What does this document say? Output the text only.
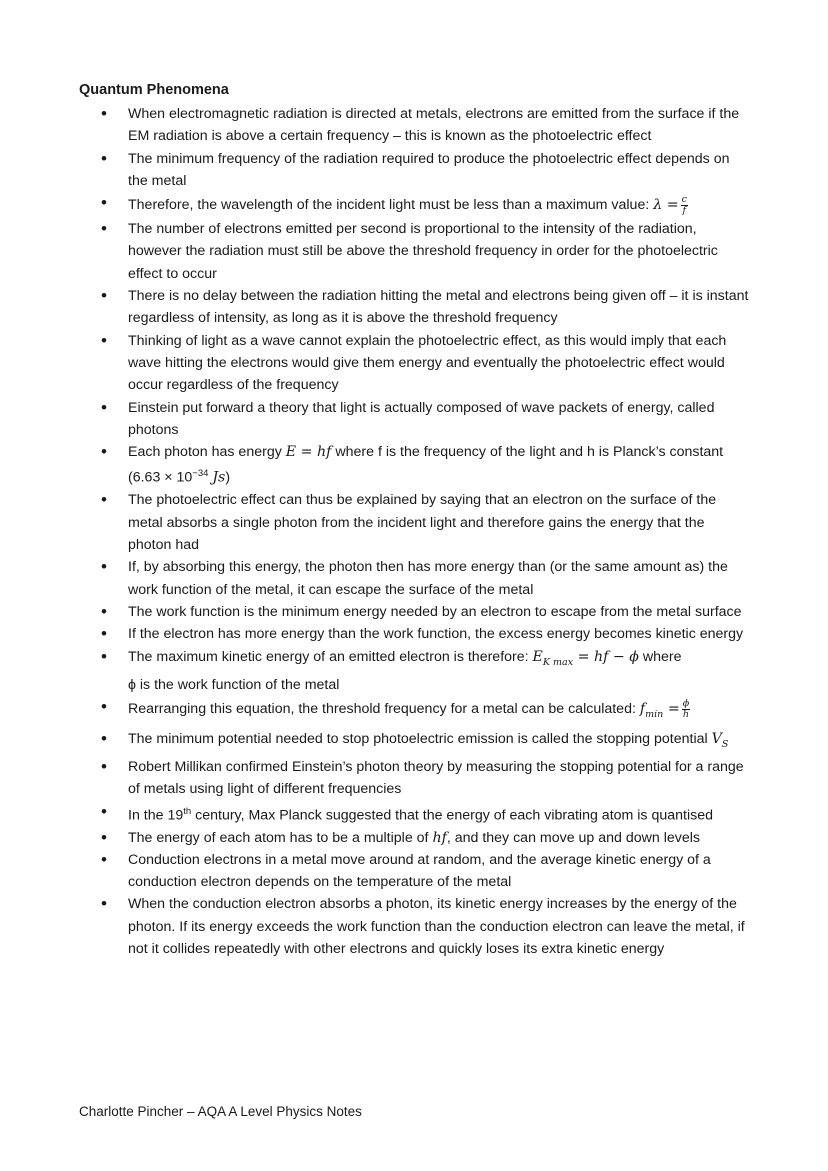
Quantum Phenomena
• When electromagnetic radiation is directed at metals, electrons are emitted from the surface if the EM radiation is above a certain frequency – this is known as the photoelectric effect
• The minimum frequency of the radiation required to produce the photoelectric effect depends on the metal
• Therefore, the wavelength of the incident light must be less than a maximum value: $\lambda = \frac{c}{f}$
• The number of electrons emitted per second is proportional to the intensity of the radiation, however the radiation must still be above the threshold frequency in order for the photoelectric effect to occur
• There is no delay between the radiation hitting the metal and electrons being given off – it is instant regardless of intensity, as long as it is above the threshold frequency
• Thinking of light as a wave cannot explain the photoelectric effect, as this would imply that each wave hitting the electrons would give them energy and eventually the photoelectric effect would occur regardless of the frequency
• Einstein put forward a theory that light is actually composed of wave packets of energy, called photons
• Each photon has energy E = hf where f is the frequency of the light and h is Planck’s constant ($6.63 \times 10^{-34}$ Js)
• The photoelectric effect can thus be explained by saying that an electron on the surface of the metal absorbs a single photon from the incident light and therefore gains the energy that the photon had
• If, by absorbing this energy, the photon then has more energy than (or the same amount as) the work function of the metal, it can escape the surface of the metal
• The work function is the minimum energy needed by an electron to escape from the metal surface
• If the electron has more energy than the work function, the excess energy becomes kinetic energy
• The maximum kinetic energy of an emitted electron is therefore: $E_{K max}$ = hf − ϕ where
ϕ is the work function of the metal
• Rearranging this equation, the threshold frequency for a metal can be calculated: $f_{min} = \frac{\phi}{h}$
• The minimum potential needed to stop photoelectric emission is called the stopping potential $V_S$
• Robert Millikan confirmed Einstein’s photon theory by measuring the stopping potential for a range of metals using light of different frequencies
• In the 19th century, Max Planck suggested that the energy of each vibrating atom is quantised
• The energy of each atom has to be a multiple of hf, and they can move up and down levels
• Conduction electrons in a metal move around at random, and the average kinetic energy of a conduction electron depends on the temperature of the metal
• When the conduction electron absorbs a photon, its kinetic energy increases by the energy of the photon. If its energy exceeds the work function than the conduction electron can leave the metal, if not it collides repeatedly with other electrons and quickly loses its extra kinetic energy
Charlotte Pincher – AQA A Level Physics Notes
